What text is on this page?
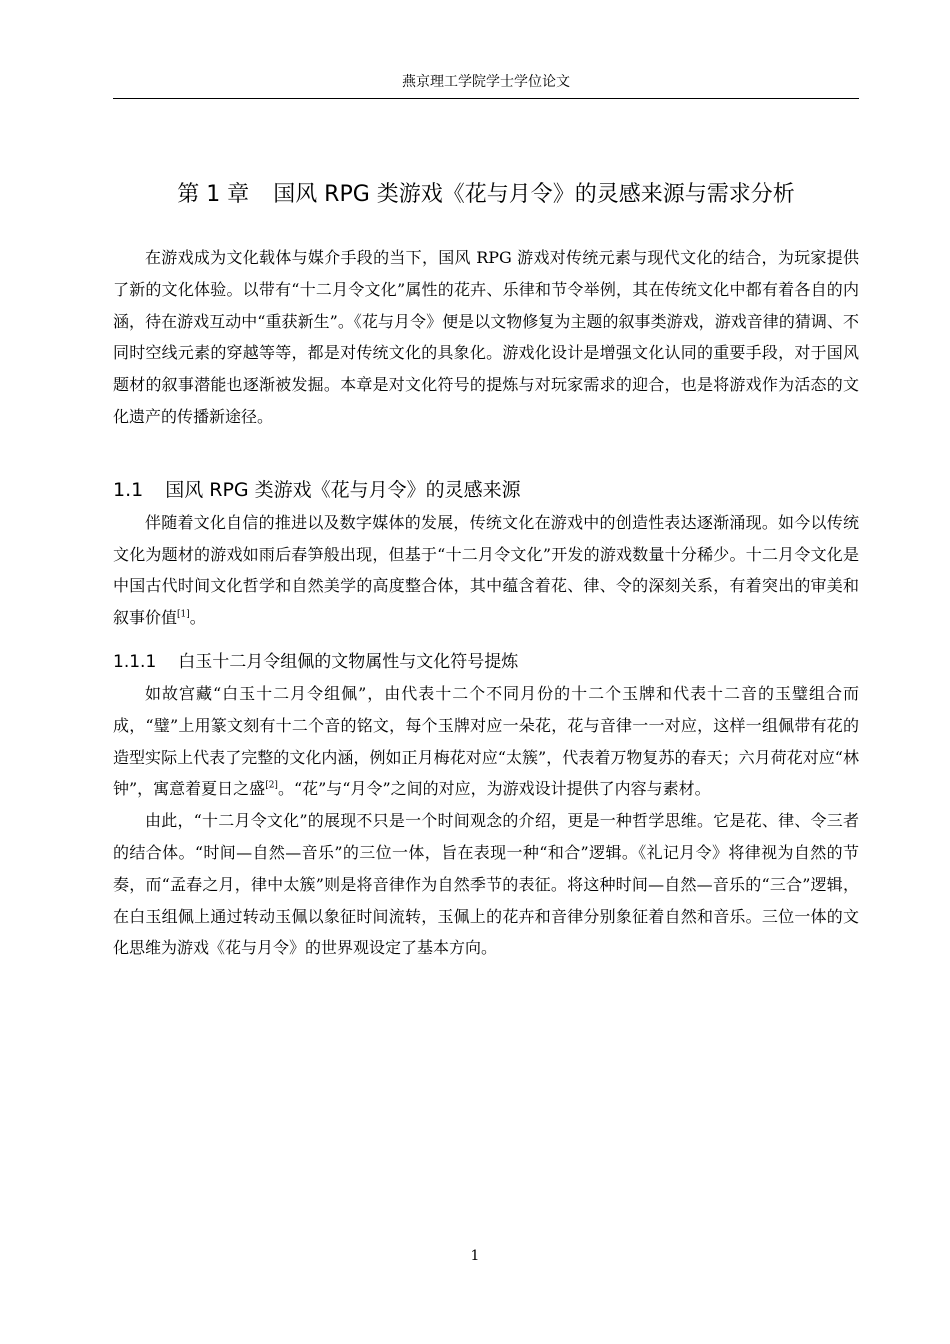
燕京理工学院学士学位论文
第 1 章 国风 RPG 类游戏《花与月令》的灵感来源与需求分析

在游戏成为文化载体与媒介手段的当下，国风 RPG 游戏对传统元素与现代文化的结合，为玩家提供了新的文化体验。以带有“十二月令文化”属性的花卉、乐律和节令举例，其在传统文化中都有着各自的内涵，待在游戏互动中“重获新生”。《花与月令》便是以文物修复为主题的叙事类游戏，游戏音律的猜调、不同时空线元素的穿越等等，都是对传统文化的具象化。游戏化设计是增强文化认同的重要手段，对于国风题材的叙事潜能也逐渐被发掘。本章是对文化符号的提炼与对玩家需求的迎合，也是将游戏作为活态的文化遗产的传播新途径。

1.1 国风 RPG 类游戏《花与月令》的灵感来源

伴随着文化自信的推进以及数字媒体的发展，传统文化在游戏中的创造性表达逐渐涌现。如今以传统文化为题材的游戏如雨后春笋般出现，但基于“十二月令文化”开发的游戏数量十分稀少。十二月令文化是中国古代时间文化哲学和自然美学的高度整合体，其中蕴含着花、律、令的深刻关系，有着突出的审美和叙事价值[1]。

1.1.1 白玉十二月令组佩的文物属性与文化符号提炼

如故宫藏“白玉十二月令组佩”，由代表十二个不同月份的十二个玉牌和代表十二音的玉璧组合而成，“璧”上用篆文刻有十二个音的铭文，每个玉牌对应一朵花，花与音律一一对应，这样一组佩带有花的造型实际上代表了完整的文化内涵，例如正月梅花对应“太簇”，代表着万物复苏的春天；六月荷花对应“林钟”，寓意着夏日之盛[2]。“花”与“月令”之间的对应，为游戏设计提供了内容与素材。

由此，“十二月令文化”的展现不只是一个时间观念的介绍，更是一种哲学思维。它是花、律、令三者的结合体。“时间—自然—音乐”的三位一体，旨在表现一种“和合”逻辑。《礼记月令》将律视为自然的节奏，而“孟春之月，律中太簇”则是将音律作为自然季节的表征。将这种时间—自然—音乐的“三合”逻辑，在白玉组佩上通过转动玉佩以象征时间流转，玉佩上的花卉和音律分别象征着自然和音乐。三位一体的文化思维为游戏《花与月令》的世界观设定了基本方向。

1
